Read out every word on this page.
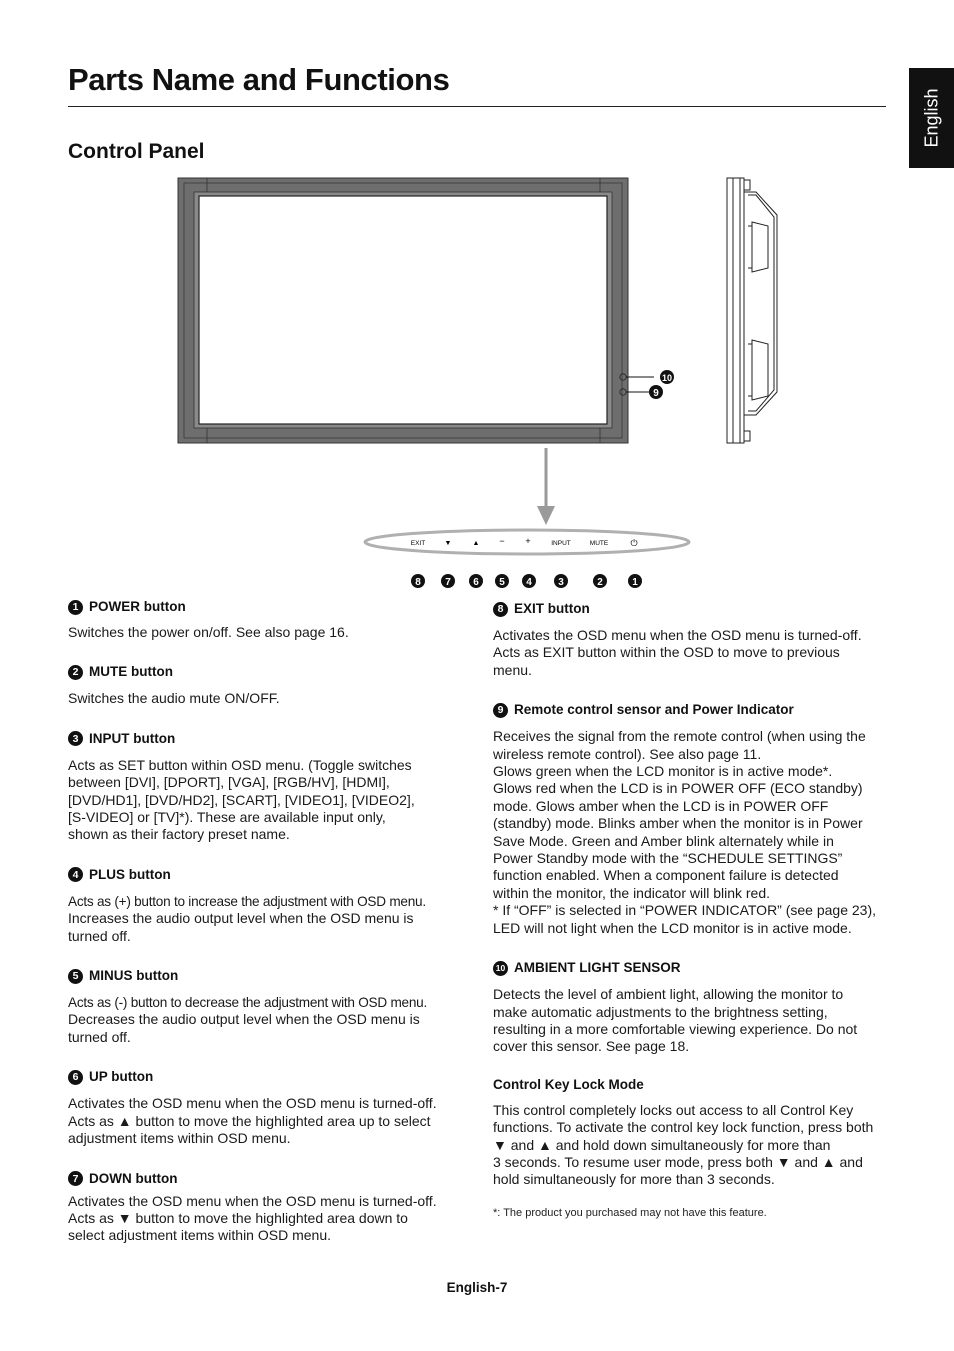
Parts Name and Functions
English
Control Panel
10
9
EXIT	▼	▲ − +	INPUT	MUTE ⏻
8 7 6 5 4	3	2	1
1 POWER button

Switches the power on/off. See also page 16.

2 MUTE button

Switches the audio mute ON/OFF.

3 INPUT button

Acts as SET button within OSD menu. (Toggle switches
between [DVI], [DPORT], [VGA], [RGB/HV], [HDMI],
[DVD/HD1], [DVD/HD2], [SCART], [VIDEO1], [VIDEO2],
[S-VIDEO] or [TV]*). These are available input only,
shown as their factory preset name.

4 PLUS button

Acts as (+) button to increase the adjustment with OSD menu.
Increases the audio output level when the OSD menu is
turned off.

5 MINUS button

Acts as (-) button to decrease the adjustment with OSD menu.
Decreases the audio output level when the OSD menu is
turned off.

6 UP button

Activates the OSD menu when the OSD menu is turned-off.
Acts as ▲ button to move the highlighted area up to select
adjustment items within OSD menu.

7 DOWN button

Activates the OSD menu when the OSD menu is turned-off.
Acts as ▼ button to move the highlighted area down to
select adjustment items within OSD menu.

8 EXIT button

Activates the OSD menu when the OSD menu is turned-off.
Acts as EXIT button within the OSD to move to previous
menu.

9 Remote control sensor and Power Indicator

Receives the signal from the remote control (when using the
wireless remote control). See also page 11.
Glows green when the LCD monitor is in active mode*.
Glows red when the LCD is in POWER OFF (ECO standby)
mode. Glows amber when the LCD is in POWER OFF
(standby) mode. Blinks amber when the monitor is in Power
Save Mode. Green and Amber blink alternately while in
Power Standby mode with the “SCHEDULE SETTINGS”
function enabled. When a component failure is detected
within the monitor, the indicator will blink red.
* If “OFF” is selected in “POWER INDICATOR” (see page 23),
LED will not light when the LCD monitor is in active mode.

10 AMBIENT LIGHT SENSOR

Detects the level of ambient light, allowing the monitor to
make automatic adjustments to the brightness setting,
resulting in a more comfortable viewing experience. Do not
cover this sensor. See page 18.

Control Key Lock Mode

This control completely locks out access to all Control Key
functions. To activate the control key lock function, press both
▼ and ▲ and hold down simultaneously for more than
3 seconds. To resume user mode, press both ▼ and ▲ and
hold simultaneously for more than 3 seconds.

*: The product you purchased may not have this feature.

English-7
